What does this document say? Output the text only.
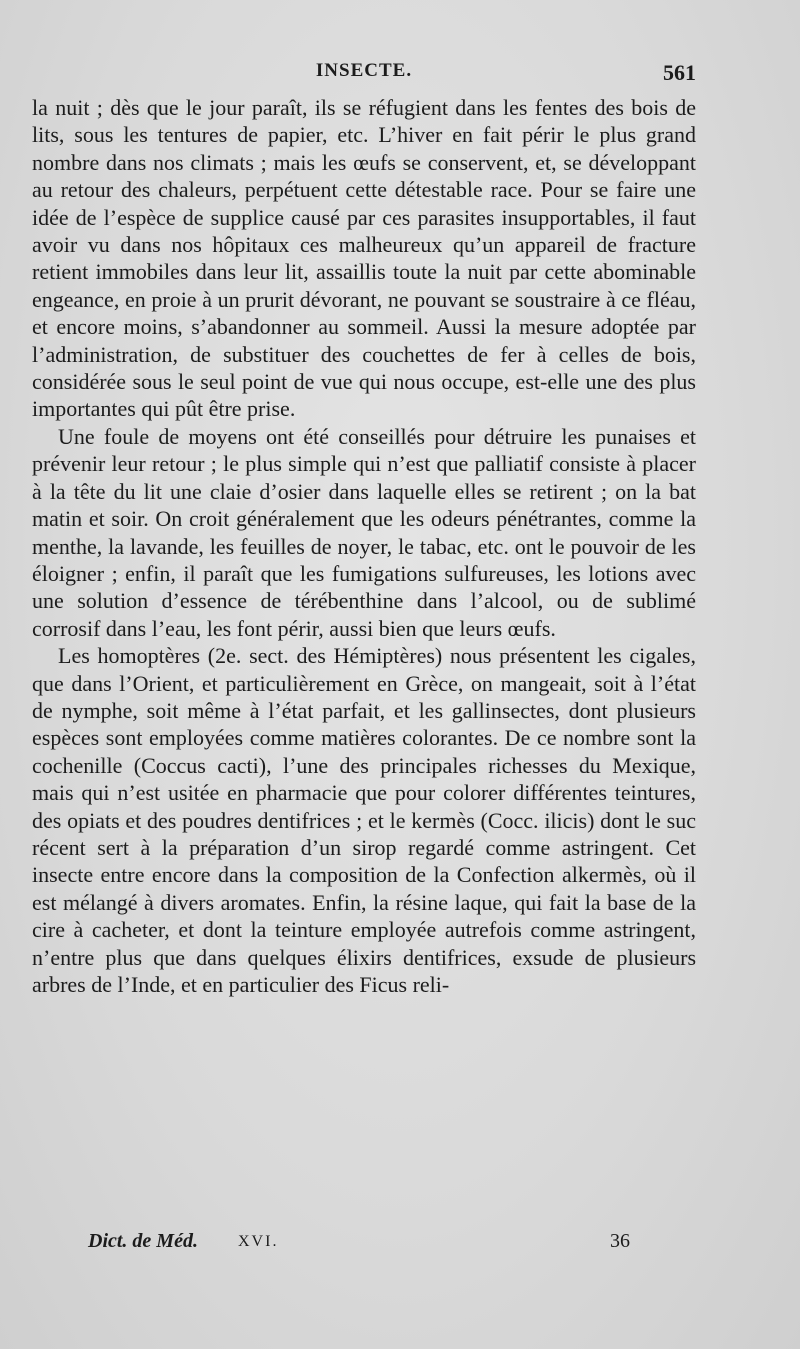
INSECTE.	561

la nuit ; dès que le jour paraît, ils se réfugient dans les fentes des bois de lits, sous les tentures de papier, etc. L’hiver en fait périr le plus grand nombre dans nos climats ; mais les œufs se conservent, et, se développant au retour des chaleurs, perpétuent cette détestable race. Pour se faire une idée de l’espèce de supplice causé par ces parasites insupportables, il faut avoir vu dans nos hôpitaux ces malheureux qu’un appareil de fracture retient immobiles dans leur lit, assaillis toute la nuit par cette abominable engeance, en proie à un prurit dévorant, ne pouvant se soustraire à ce fléau, et encore moins, s’abandonner au sommeil. Aussi la mesure adoptée par l’administration, de substituer des couchettes de fer à celles de bois, considérée sous le seul point de vue qui nous occupe, est-elle une des plus importantes qui pût être prise.

Une foule de moyens ont été conseillés pour détruire les punaises et prévenir leur retour ; le plus simple qui n’est que palliatif consiste à placer à la tête du lit une claie d’osier dans laquelle elles se retirent ; on la bat matin et soir. On croit généralement que les odeurs pénétrantes, comme la menthe, la lavande, les feuilles de noyer, le tabac, etc. ont le pouvoir de les éloigner ; enfin, il paraît que les fumigations sulfureuses, les lotions avec une solution d’essence de térébenthine dans l’alcool, ou de sublimé corrosif dans l’eau, les font périr, aussi bien que leurs œufs.

Les homoptères (2e. sect. des Hémiptères) nous présentent les cigales, que dans l’Orient, et particulièrement en Grèce, on mangeait, soit à l’état de nymphe, soit même à l’état parfait, et les gallinsectes, dont plusieurs espèces sont employées comme matières colorantes. De ce nombre sont la cochenille (Coccus cacti), l’une des principales richesses du Mexique, mais qui n’est usitée en pharmacie que pour colorer différentes teintures, des opiats et des poudres dentifrices ; et le kermès (Cocc. ilicis) dont le suc récent sert à la préparation d’un sirop regardé comme astringent. Cet insecte entre encore dans la composition de la Confection alkermès, où il est mélangé à divers aromates. Enfin, la résine laque, qui fait la base de la cire à cacheter, et dont la teinture employée autrefois comme astringent, n’entre plus que dans quelques élixirs dentifrices, exsude de plusieurs arbres de l’Inde, et en particulier des Ficus reli-

Dict. de Méd.	XVI.	36
